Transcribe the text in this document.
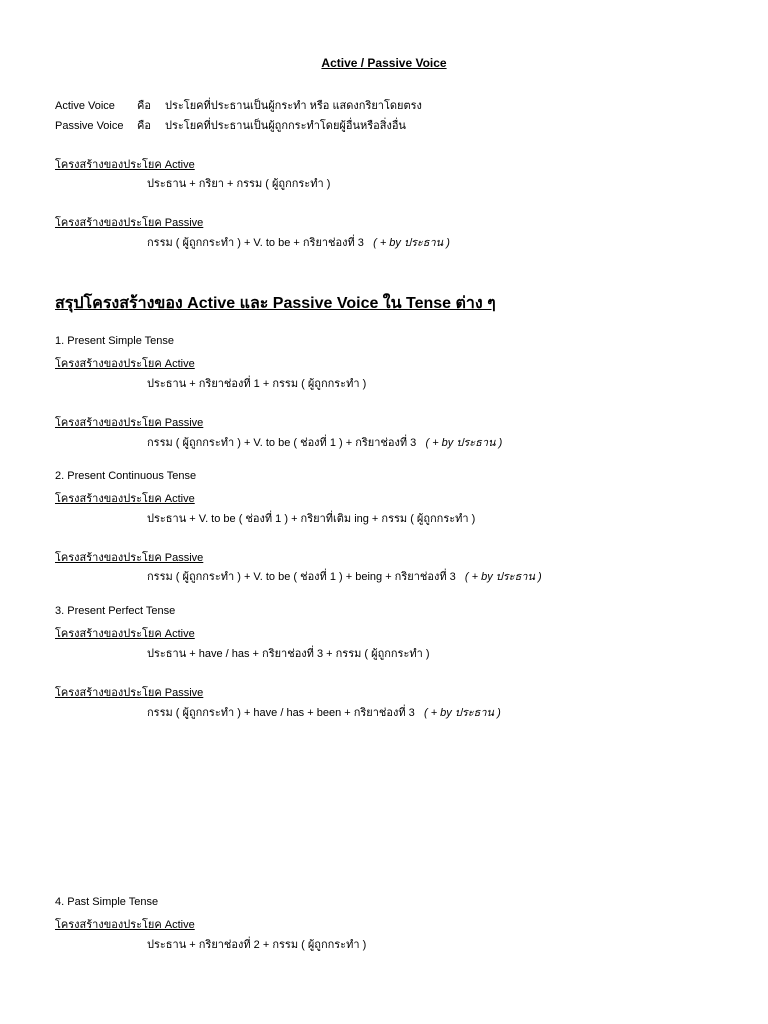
Active / Passive Voice
Active Voice คือ ประโยคที่ประธานเป็นผู้กระทำ หรือ แสดงกริยาโดยตรง
Passive Voice คือ ประโยคที่ประธานเป็นผู้ถูกกระทำโดยผู้อื่นหรือสิ่งอื่น
โครงสร้างของประโยค Active
ประธาน + กริยา + กรรม ( ผู้ถูกกระทำ )
โครงสร้างของประโยค Passive
กรรม ( ผู้ถูกกระทำ ) + V. to be + กริยาช่องที่ 3 ( + by ประธาน )
สรุปโครงสร้างของ Active และ Passive Voice ใน Tense ต่าง ๆ
1. Present Simple Tense
โครงสร้างของประโยค Active
ประธาน + กริยาช่องที่ 1 + กรรม ( ผู้ถูกกระทำ )
โครงสร้างของประโยค Passive
กรรม ( ผู้ถูกกระทำ ) + V. to be ( ช่องที่ 1 ) + กริยาช่องที่ 3 ( + by ประธาน )
2. Present Continuous Tense
โครงสร้างของประโยค Active
ประธาน + V. to be ( ช่องที่ 1 ) + กริยาที่เติม ing + กรรม ( ผู้ถูกกระทำ )
โครงสร้างของประโยค Passive
กรรม ( ผู้ถูกกระทำ ) + V. to be ( ช่องที่ 1 ) + being + กริยาช่องที่ 3 ( + by ประธาน )
3. Present Perfect Tense
โครงสร้างของประโยค Active
ประธาน + have / has + กริยาช่องที่ 3 + กรรม ( ผู้ถูกกระทำ )
โครงสร้างของประโยค Passive
กรรม ( ผู้ถูกกระทำ ) + have / has + been + กริยาช่องที่ 3 ( + by ประธาน )
4. Past Simple Tense
โครงสร้างของประโยค Active
ประธาน + กริยาช่องที่ 2 + กรรม ( ผู้ถูกกระทำ )
